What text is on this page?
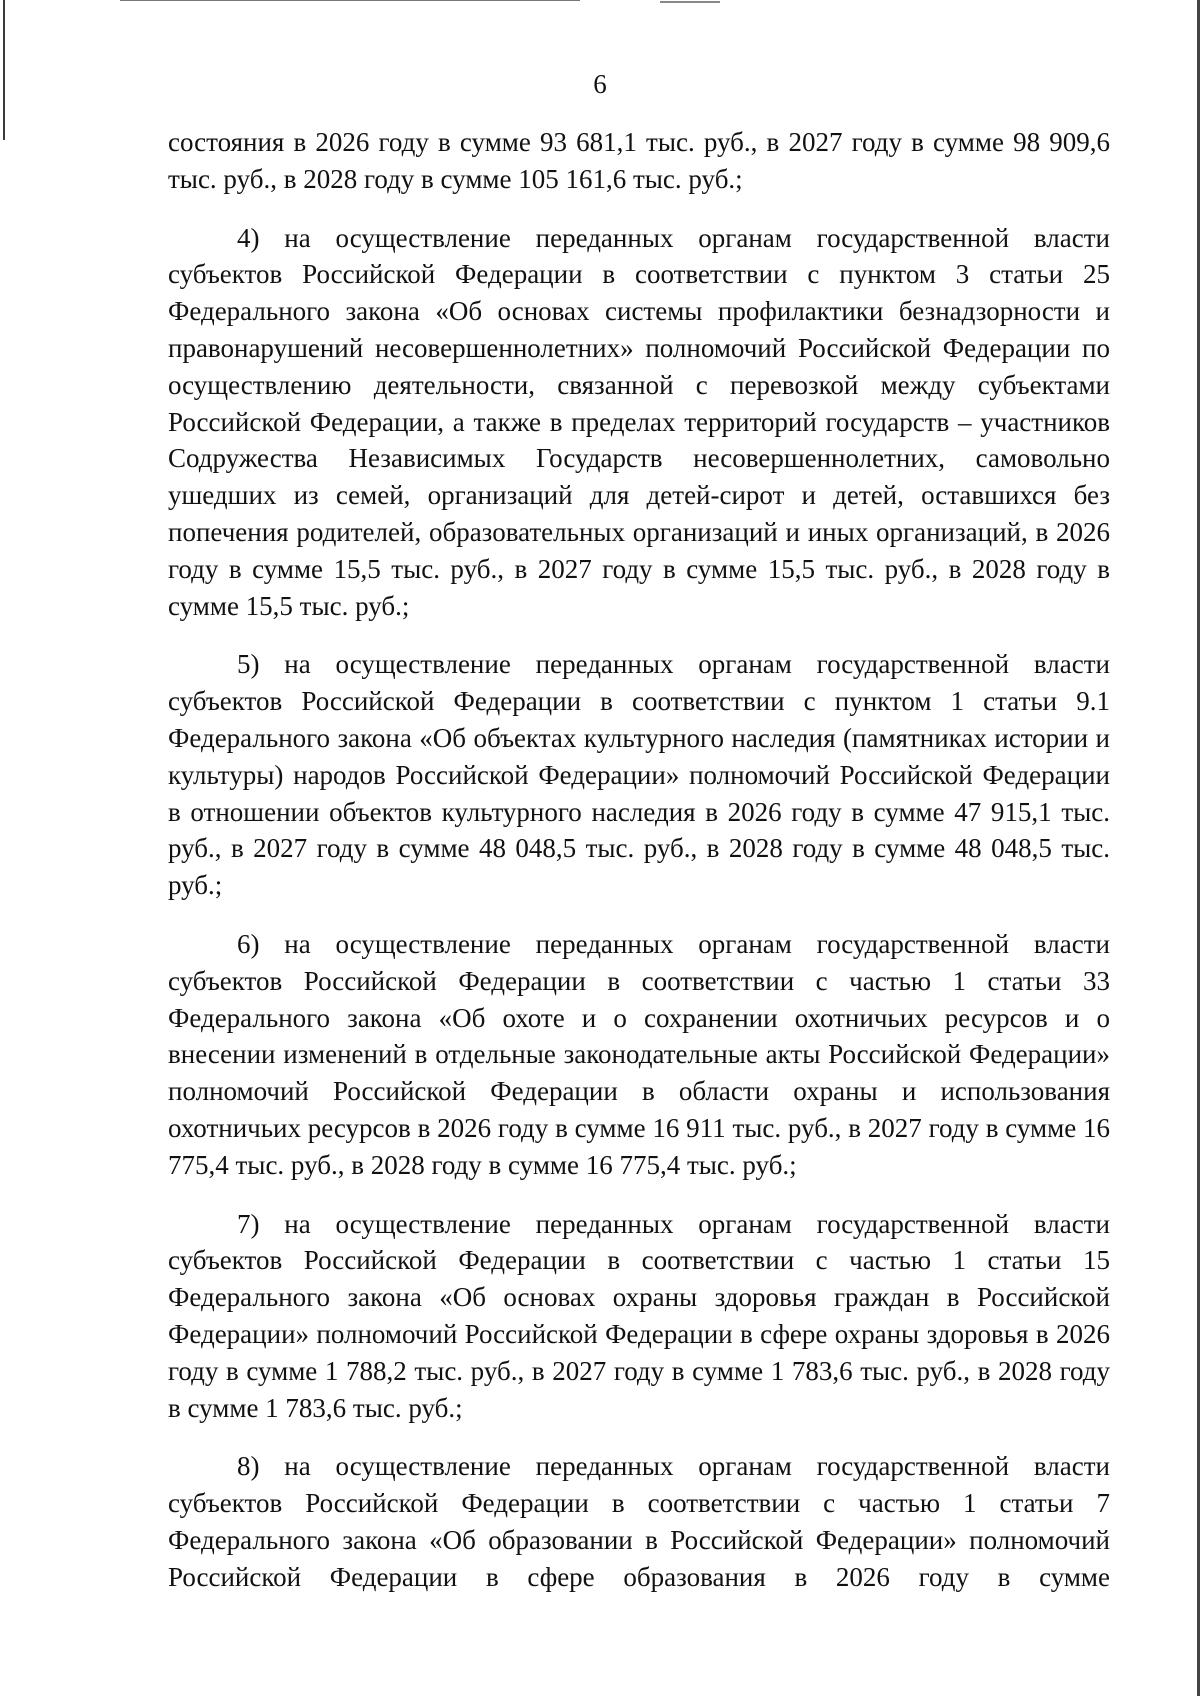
6

состояния в 2026 году в сумме 93 681,1 тыс. руб., в 2027 году в сумме 98 909,6 тыс. руб., в 2028 году в сумме 105 161,6 тыс. руб.;

4) на осуществление переданных органам государственной власти субъектов Российской Федерации в соответствии с пунктом 3 статьи 25 Федерального закона «Об основах системы профилактики безнадзорности и правонарушений несовершеннолетних» полномочий Российской Федерации по осуществлению деятельности, связанной с перевозкой между субъектами Российской Федерации, а также в пределах территорий государств – участников Содружества Независимых Государств несовершеннолетних, самовольно ушедших из семей, организаций для детей-сирот и детей, оставшихся без попечения родителей, образовательных организаций и иных организаций, в 2026 году в сумме 15,5 тыс. руб., в 2027 году в сумме 15,5 тыс. руб., в 2028 году в сумме 15,5 тыс. руб.;

5) на осуществление переданных органам государственной власти субъектов Российской Федерации в соответствии с пунктом 1 статьи 9.1 Федерального закона «Об объектах культурного наследия (памятниках истории и культуры) народов Российской Федерации» полномочий Российской Федерации в отношении объектов культурного наследия в 2026 году в сумме 47 915,1 тыс. руб., в 2027 году в сумме 48 048,5 тыс. руб., в 2028 году в сумме 48 048,5 тыс. руб.;

6) на осуществление переданных органам государственной власти субъектов Российской Федерации в соответствии с частью 1 статьи 33 Федерального закона «Об охоте и о сохранении охотничьих ресурсов и о внесении изменений в отдельные законодательные акты Российской Федерации» полномочий Российской Федерации в области охраны и использования охотничьих ресурсов в 2026 году в сумме 16 911 тыс. руб., в 2027 году в сумме 16 775,4 тыс. руб., в 2028 году в сумме 16 775,4 тыс. руб.;

7) на осуществление переданных органам государственной власти субъектов Российской Федерации в соответствии с частью 1 статьи 15 Федерального закона «Об основах охраны здоровья граждан в Российской Федерации» полномочий Российской Федерации в сфере охраны здоровья в 2026 году в сумме 1 788,2 тыс. руб., в 2027 году в сумме 1 783,6 тыс. руб., в 2028 году в сумме 1 783,6 тыс. руб.;

8) на осуществление переданных органам государственной власти субъектов Российской Федерации в соответствии с частью 1 статьи 7 Федерального закона «Об образовании в Российской Федерации» полномочий Российской Федерации в сфере образования в 2026 году в сумме
